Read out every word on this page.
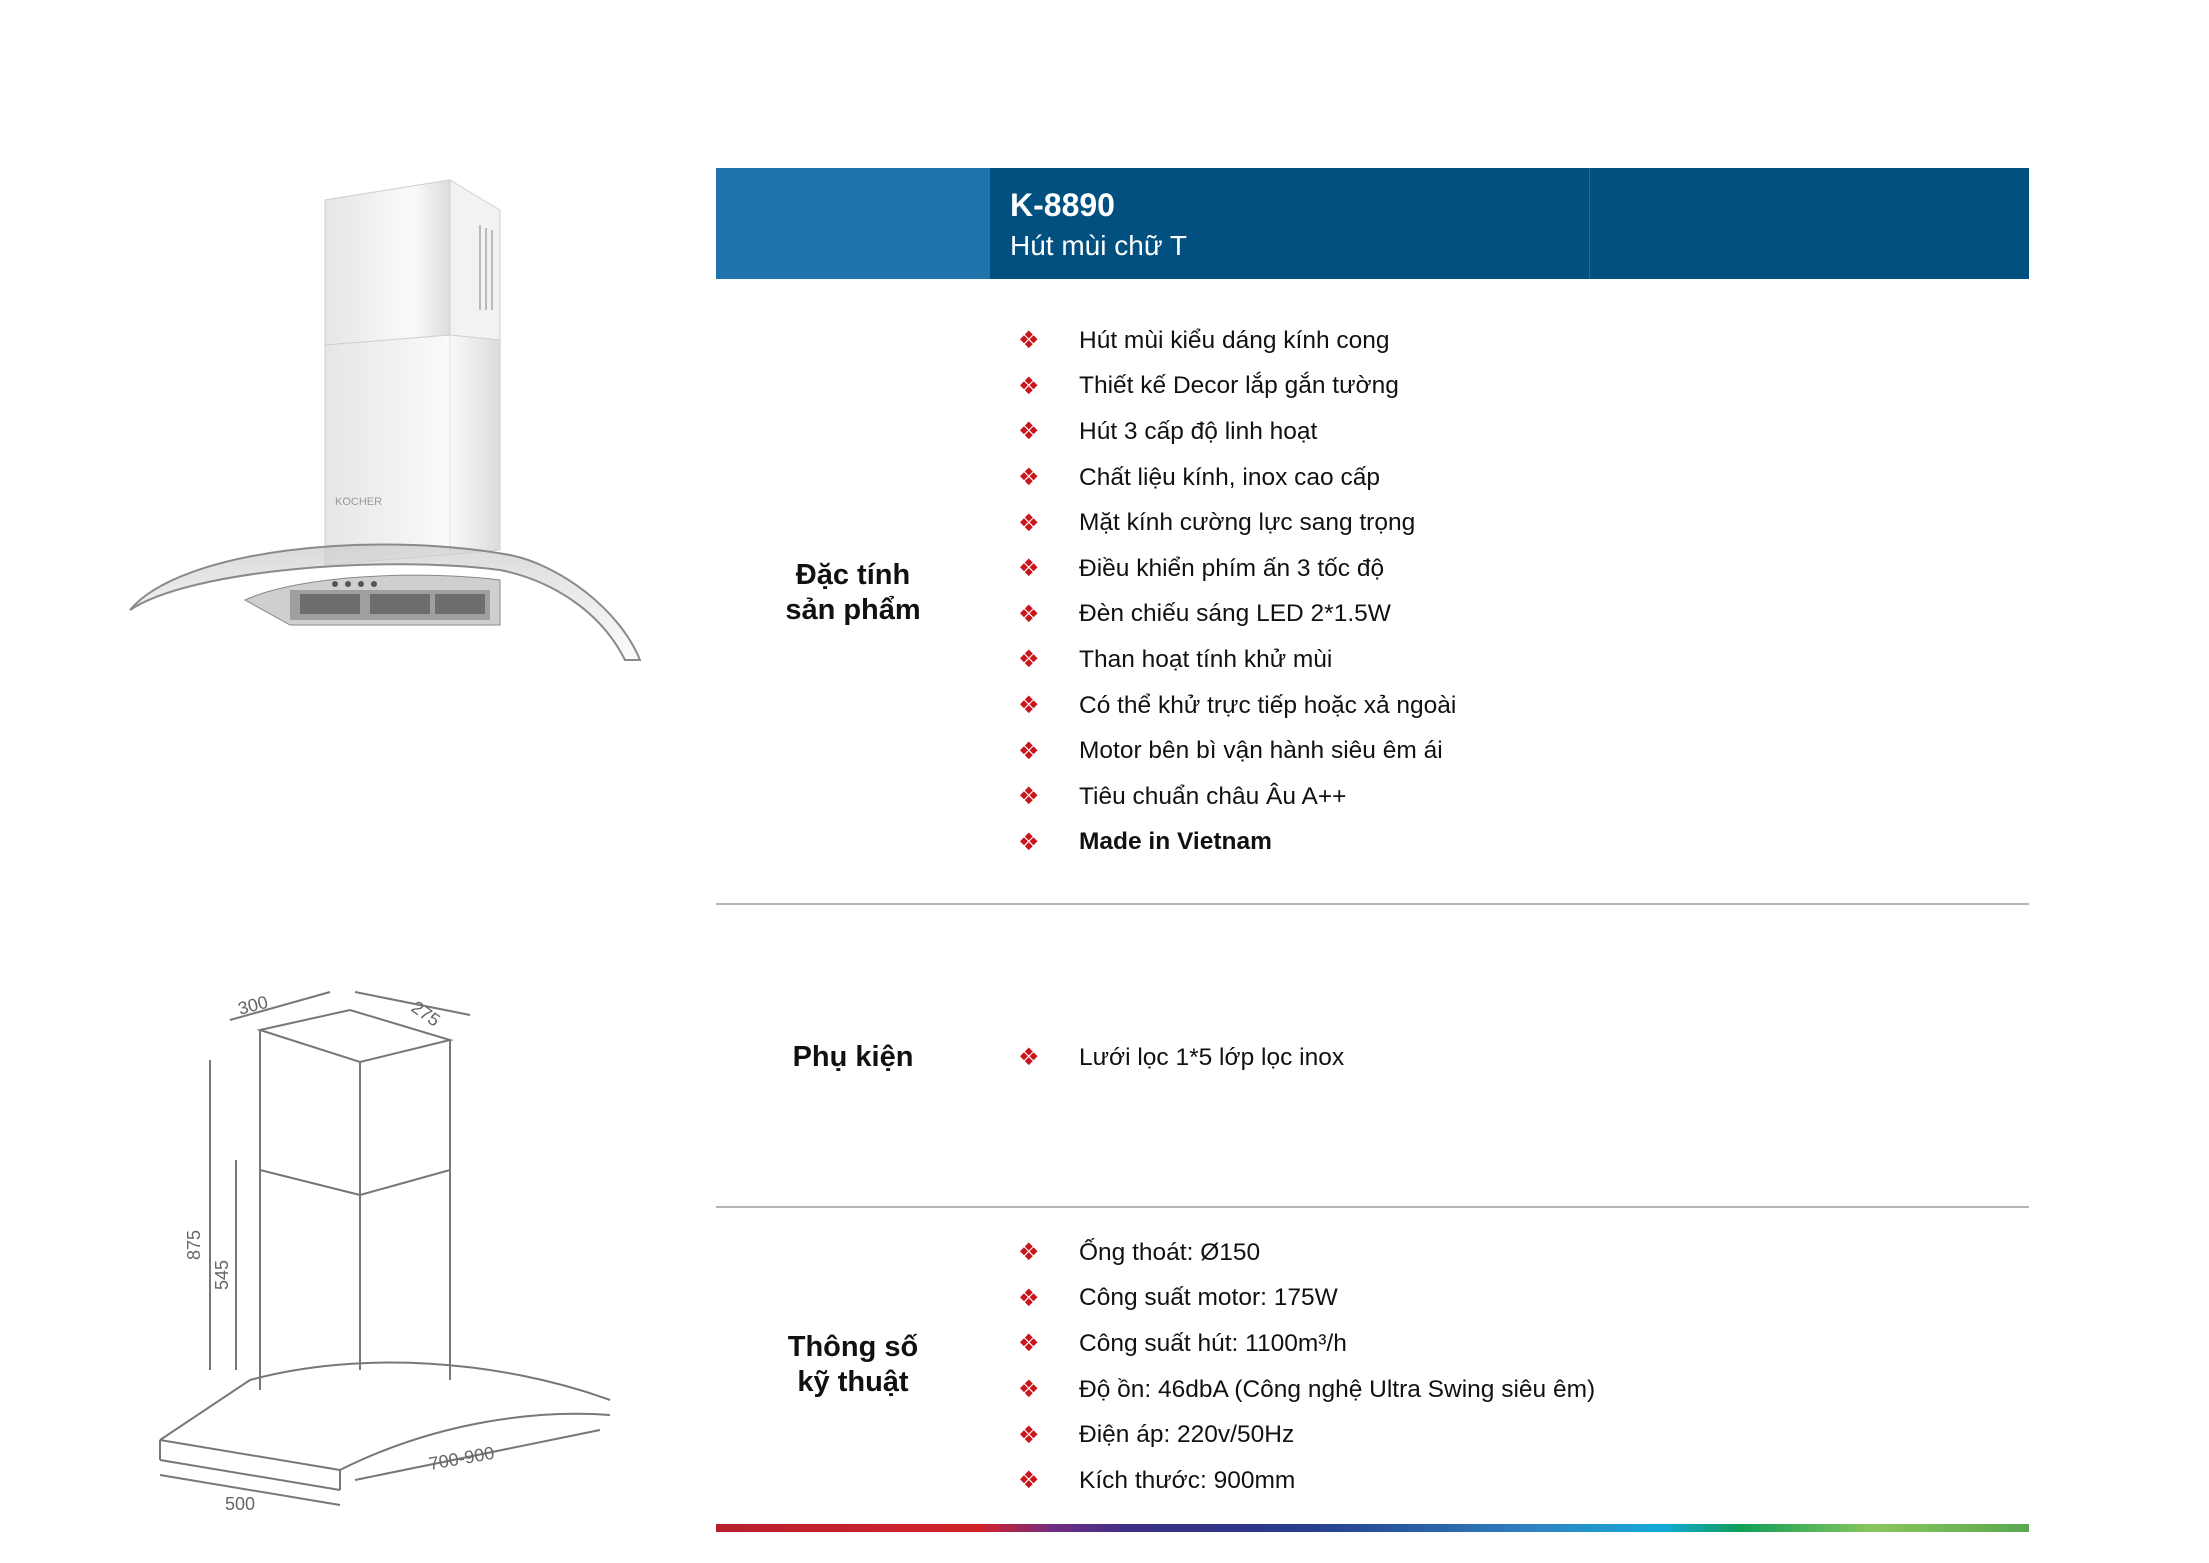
KOCHER
K-8890
Hút mùi chữ T
Đặc tính
sản phẩm
❖	Hút mùi kiểu dáng kính cong
❖	Thiết kế Decor lắp gắn tường
❖	Hút 3 cấp độ linh hoạt
❖	Chất liệu kính, inox cao cấp
❖	Mặt kính cường lực sang trọng
❖	Điều khiển phím ấn 3 tốc độ
❖	Đèn chiếu sáng LED 2*1.5W
❖	Than hoạt tính khử mùi
❖	Có thể khử trực tiếp hoặc xả ngoài
❖	Motor bên bì vận hành siêu êm ái
❖	Tiêu chuẩn châu Âu A++
❖	Made in Vietnam
Phụ kiện	❖	Lưới lọc 1*5 lớp lọc inox
Thông số
kỹ thuật
❖	Ống thoát: Ø150
❖	Công suất motor: 175W
❖	Công suất hút: 1100m³/h
❖	Độ ồn: 46dbA (Công nghệ Ultra Swing siêu êm)
❖	Điện áp: 220v/50Hz
❖	Kích thước: 900mm
300	275
875
545
700-900
500
